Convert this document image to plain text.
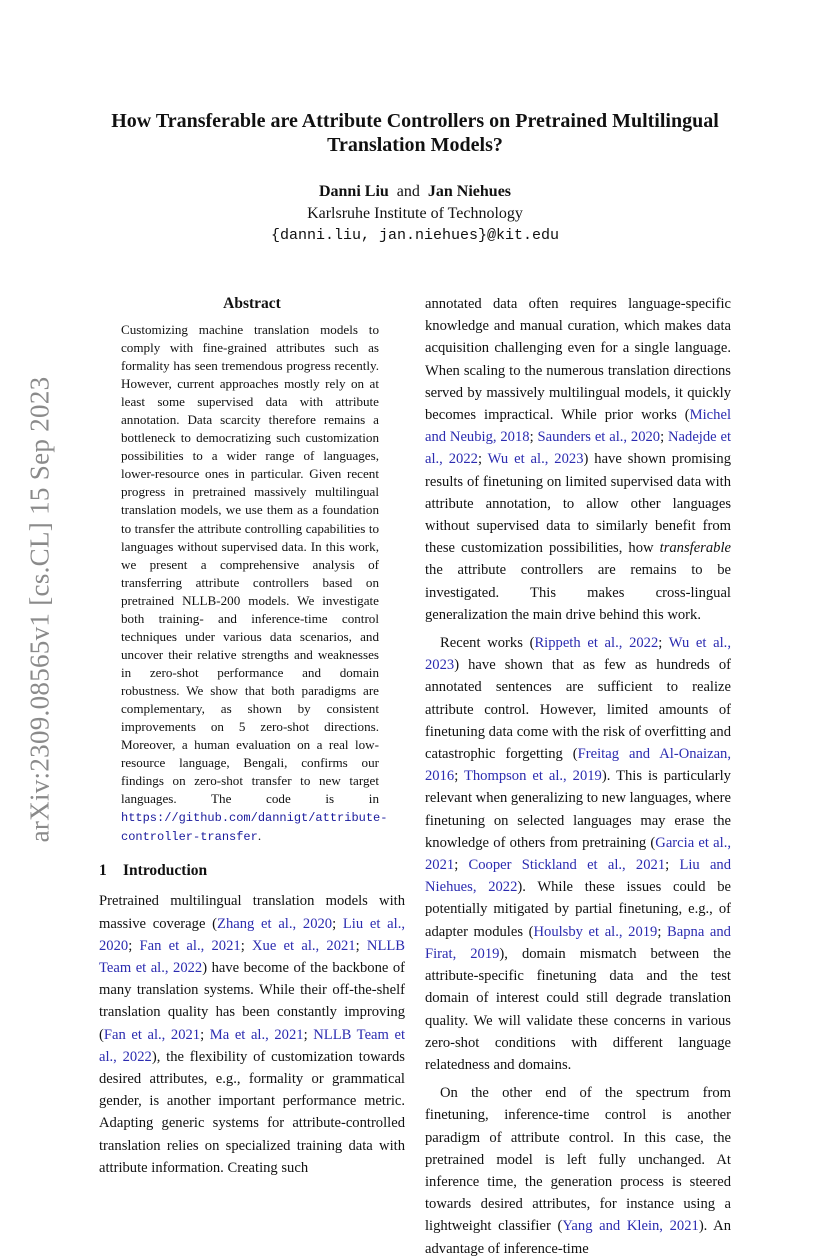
arXiv:2309.08565v1 [cs.CL] 15 Sep 2023
How Transferable are Attribute Controllers on Pretrained Multilingual
Translation Models?
Danni Liu and Jan Niehues
Karlsruhe Institute of Technology
{danni.liu, jan.niehues}@kit.edu
Abstract
Customizing machine translation models to comply with fine-grained attributes such as formality has seen tremendous progress recently. However, current approaches mostly rely on at least some supervised data with attribute annotation. Data scarcity therefore remains a bottleneck to democratizing such customization possibilities to a wider range of languages, lower-resource ones in particular. Given recent progress in pretrained massively multilingual translation models, we use them as a foundation to transfer the attribute controlling capabilities to languages without supervised data. In this work, we present a comprehensive analysis of transferring attribute controllers based on pretrained NLLB-200 models. We investigate both training- and inference-time control techniques under various data scenarios, and uncover their relative strengths and weaknesses in zero-shot performance and domain robustness. We show that both paradigms are complementary, as shown by consistent improvements on 5 zero-shot directions. Moreover, a human evaluation on a real low-resource language, Bengali, confirms our findings on zero-shot transfer to new target languages. The code is in https://github.com/dannigt/attribute-controller-transfer.
1 Introduction

Pretrained multilingual translation models with massive coverage (Zhang et al., 2020; Liu et al., 2020; Fan et al., 2021; Xue et al., 2021; NLLB Team et al., 2022) have become of the backbone of many translation systems. While their off-the-shelf translation quality has been constantly improving (Fan et al., 2021; Ma et al., 2021; NLLB Team et al., 2022), the flexibility of customization towards desired attributes, e.g., formality or grammatical gender, is another important performance metric. Adapting generic systems for attribute-controlled translation relies on specialized training data with attribute information. Creating such

annotated data often requires language-specific knowledge and manual curation, which makes data acquisition challenging even for a single language. When scaling to the numerous translation directions served by massively multilingual models, it quickly becomes impractical. While prior works (Michel and Neubig, 2018; Saunders et al., 2020; Nadejde et al., 2022; Wu et al., 2023) have shown promising results of finetuning on limited supervised data with attribute annotation, to allow other languages without supervised data to similarly benefit from these customization possibilities, how transferable the attribute controllers are remains to be investigated. This makes cross-lingual generalization the main drive behind this work.

Recent works (Rippeth et al., 2022; Wu et al., 2023) have shown that as few as hundreds of annotated sentences are sufficient to realize attribute control. However, limited amounts of finetuning data come with the risk of overfitting and catastrophic forgetting (Freitag and Al-Onaizan, 2016; Thompson et al., 2019). This is particularly relevant when generalizing to new languages, where finetuning on selected languages may erase the knowledge of others from pretraining (Garcia et al., 2021; Cooper Stickland et al., 2021; Liu and Niehues, 2022). While these issues could be potentially mitigated by partial finetuning, e.g., of adapter modules (Houlsby et al., 2019; Bapna and Firat, 2019), domain mismatch between the attribute-specific finetuning data and the test domain of interest could still degrade translation quality. We will validate these concerns in various zero-shot conditions with different language relatedness and domains.

On the other end of the spectrum from finetuning, inference-time control is another paradigm of attribute control. In this case, the pretrained model is left fully unchanged. At inference time, the generation process is steered towards desired attributes, for instance using a lightweight classifier (Yang and Klein, 2021). An advantage of inference-time
